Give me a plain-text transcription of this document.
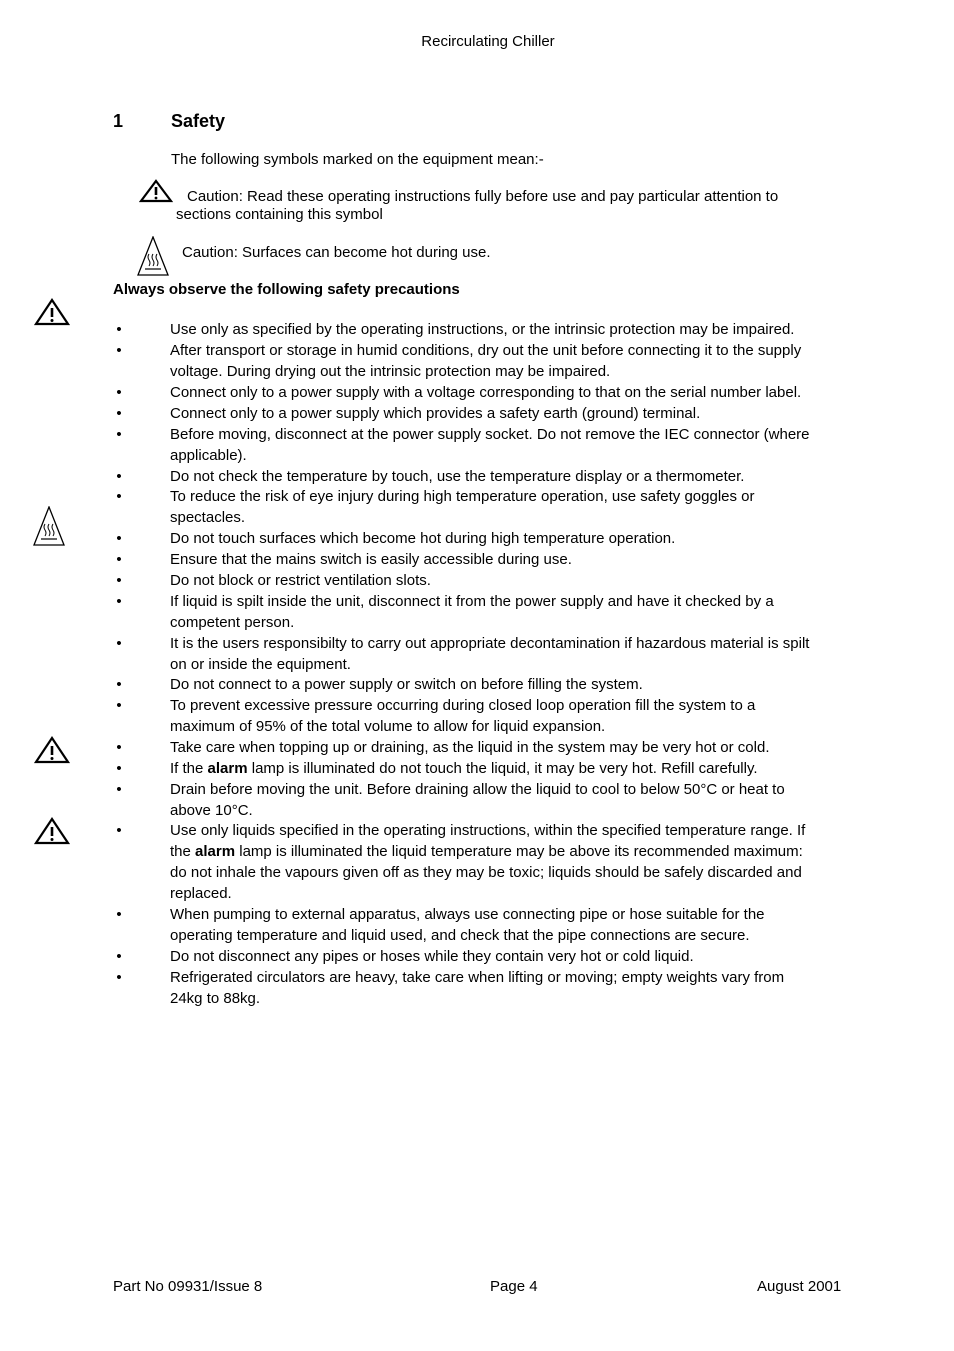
Recirculating Chiller
1	Safety
The following symbols marked on the equipment mean:-
Caution: Read these operating instructions fully before use and pay particular attention to
sections containing this symbol
Caution: Surfaces can become hot during use.
Always observe the following safety precautions
•	Use only as specified by the operating instructions, or the intrinsic protection may be impaired.
•	After transport or storage in humid conditions, dry out the unit before connecting it to the supply
voltage. During drying out the intrinsic protection may be impaired.
•	Connect only to a power supply with a voltage corresponding to that on the serial number label.
•	Connect only to a power supply which provides a safety earth (ground) terminal.
•	Before moving, disconnect at the power supply socket. Do not remove the IEC connector (where
applicable).
•	Do not check the temperature by touch, use the temperature display or a thermometer.
•	To reduce the risk of eye injury during high temperature operation, use safety goggles or
spectacles.
•	Do not touch surfaces which become hot during high temperature operation.
•	Ensure that the mains switch is easily accessible during use.
•	Do not block or restrict ventilation slots.
•	If liquid is spilt inside the unit, disconnect it from the power supply and have it checked by a
competent person.
•	It is the users responsibilty to carry out appropriate decontamination if hazardous material is spilt
on or inside the equipment.
•	Do not connect to a power supply or switch on before filling the system.
•	To prevent excessive pressure occurring during closed loop operation fill the system to a
maximum of 95% of the total volume to allow for liquid expansion.
•	Take care when topping up or draining, as the liquid in the system may be very hot or cold.
•	If the alarm lamp is illuminated do not touch the liquid, it may be very hot. Refill carefully.
•	Drain before moving the unit. Before draining allow the liquid to cool to below 50°C or heat to
above 10°C.
•	Use only liquids specified in the operating instructions, within the specified temperature range. If
the alarm lamp is illuminated the liquid temperature may be above its recommended maximum:
do not inhale the vapours given off as they may be toxic; liquids should be safely discarded and
replaced.
•	When pumping to external apparatus, always use connecting pipe or hose suitable for the
operating temperature and liquid used, and check that the pipe connections are secure.
•	Do not disconnect any pipes or hoses while they contain very hot or cold liquid.
•	Refrigerated circulators are heavy, take care when lifting or moving; empty weights vary from
24kg to 88kg.
Part No 09931/Issue 8	Page 4	August 2001
